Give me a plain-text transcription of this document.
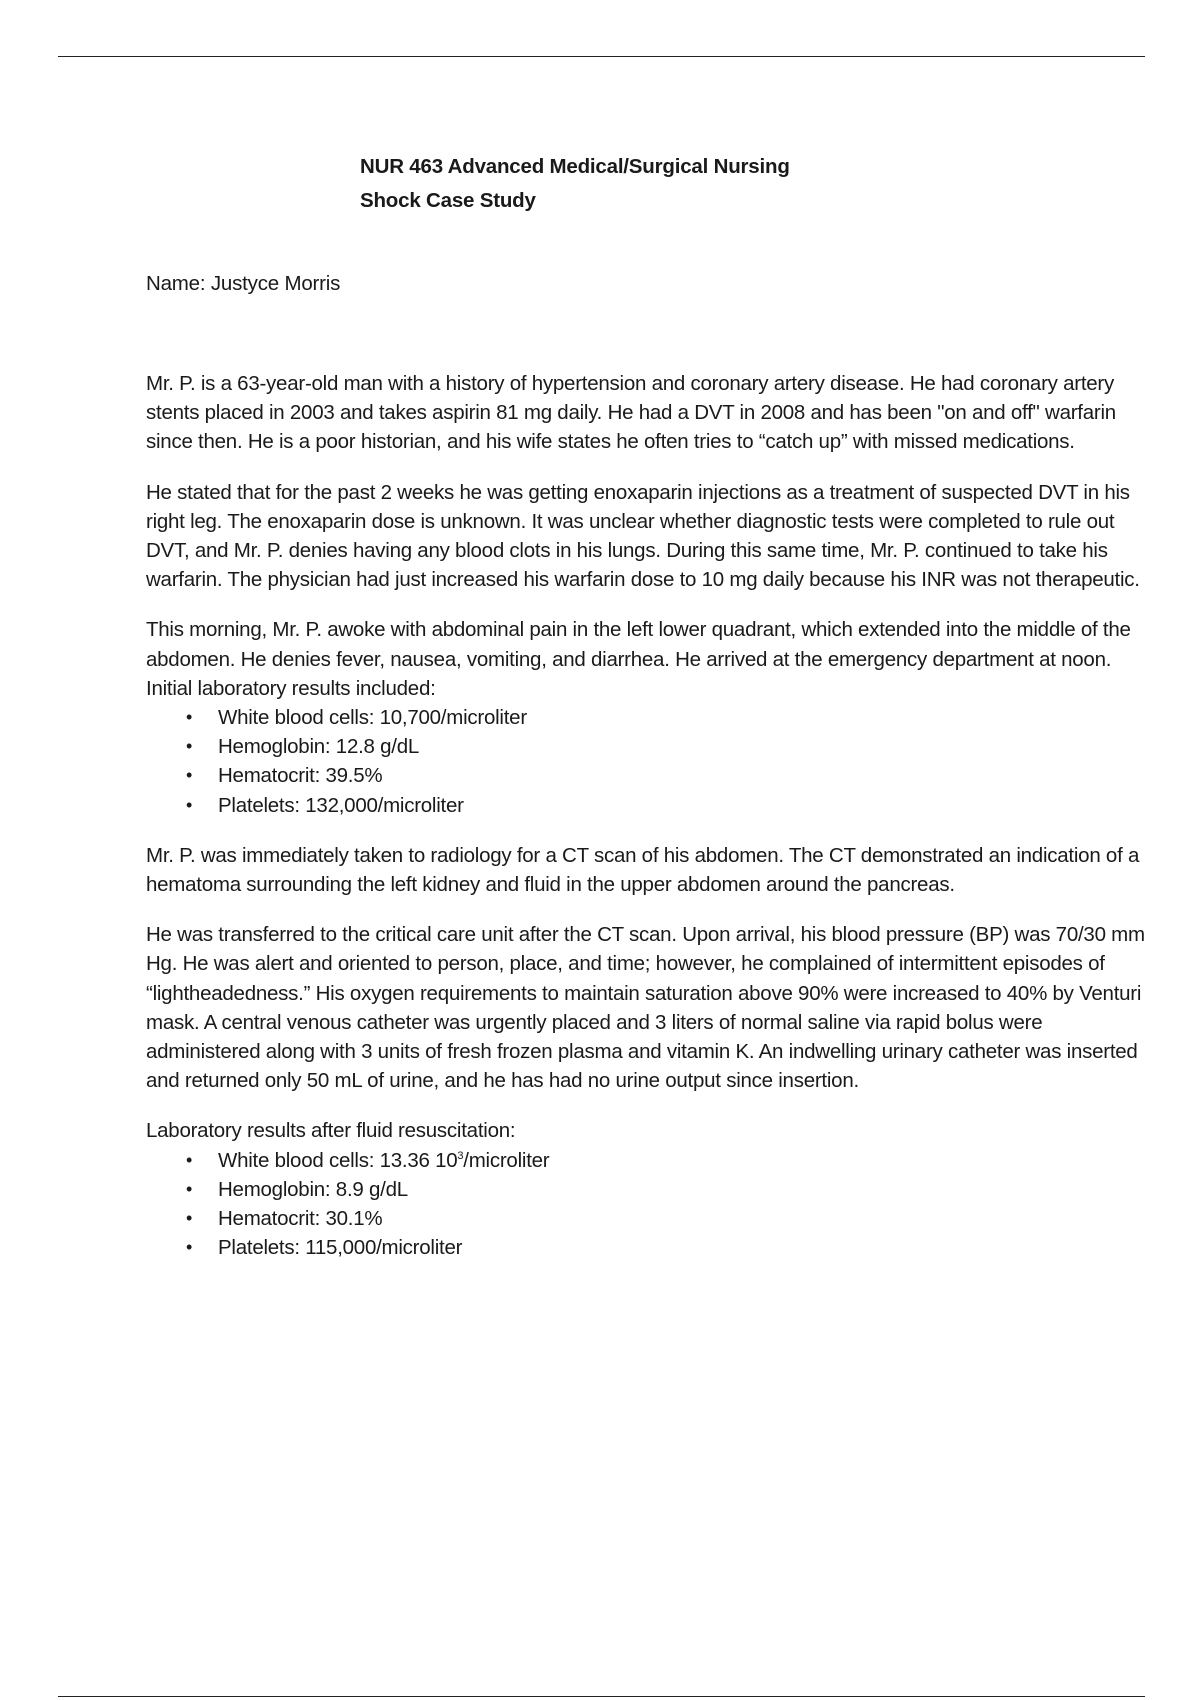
NUR 463 Advanced Medical/Surgical Nursing
Shock Case Study
Name: Justyce Morris

Mr. P. is a 63-year-old man with a history of hypertension and coronary artery disease. He had coronary artery stents placed in 2003 and takes aspirin 81 mg daily. He had a DVT in 2008 and has been "on and off" warfarin since then. He is a poor historian, and his wife states he often tries to “catch up” with missed medications.

He stated that for the past 2 weeks he was getting enoxaparin injections as a treatment of suspected DVT in his right leg. The enoxaparin dose is unknown. It was unclear whether diagnostic tests were completed to rule out DVT, and Mr. P. denies having any blood clots in his lungs. During this same time, Mr. P. continued to take his warfarin. The physician had just increased his warfarin dose to 10 mg daily because his INR was not therapeutic.

This morning, Mr. P. awoke with abdominal pain in the left lower quadrant, which extended into the middle of the abdomen. He denies fever, nausea, vomiting, and diarrhea. He arrived at the emergency department at noon. Initial laboratory results included:

• White blood cells: 10,700/microliter
• Hemoglobin: 12.8 g/dL
• Hematocrit: 39.5%
• Platelets: 132,000/microliter

Mr. P. was immediately taken to radiology for a CT scan of his abdomen. The CT demonstrated an indication of a hematoma surrounding the left kidney and fluid in the upper abdomen around the pancreas.

He was transferred to the critical care unit after the CT scan. Upon arrival, his blood pressure (BP) was 70/30 mm Hg. He was alert and oriented to person, place, and time; however, he complained of intermittent episodes of “lightheadedness.” His oxygen requirements to maintain saturation above 90% were increased to 40% by Venturi mask. A central venous catheter was urgently placed and 3 liters of normal saline via rapid bolus were administered along with 3 units of fresh frozen plasma and vitamin K. An indwelling urinary catheter was inserted and returned only 50 mL of urine, and he has had no urine output since insertion.

Laboratory results after fluid resuscitation:

• White blood cells: 13.36 $10^3$/microliter
• Hemoglobin: 8.9 g/dL
• Hematocrit: 30.1%
• Platelets: 115,000/microliter
